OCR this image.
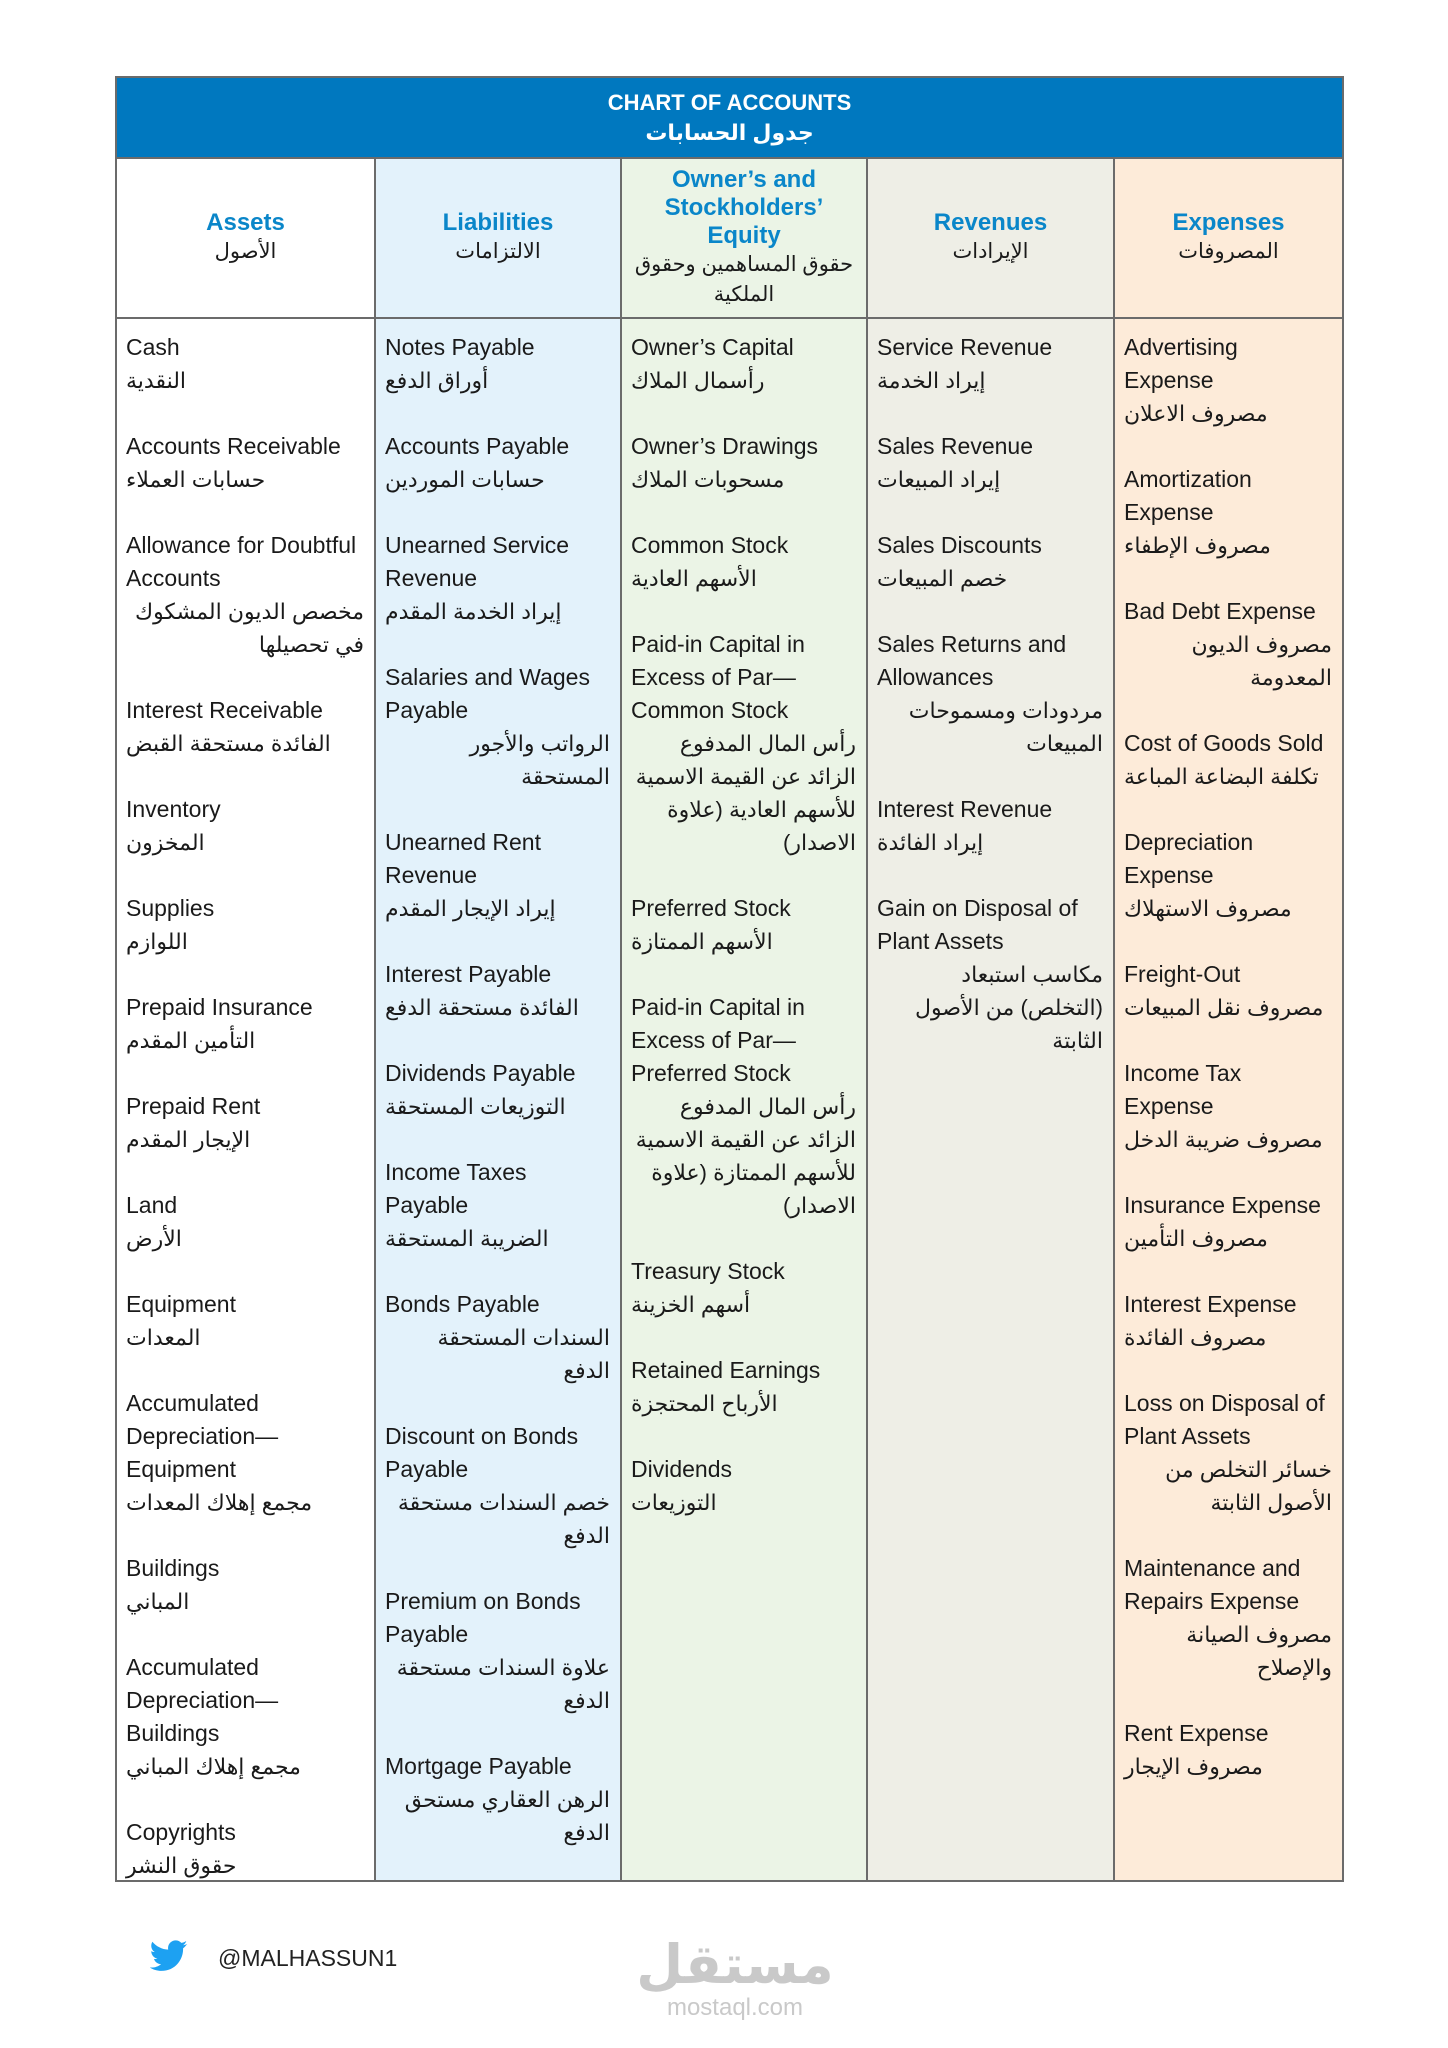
CHART OF ACCOUNTS
جدول الحسابات
Assets
الأصول
Liabilities
الالتزامات
Owner’s and Stockholders’ Equity
حقوق المساهمين وحقوق الملكية
Revenues
الإيرادات
Expenses
المصروفات
Cash
النقدية
Accounts Receivable
حسابات العملاء
Allowance for Doubtful Accounts
مخصص الديون المشكوك في تحصيلها
Interest Receivable
الفائدة مستحقة القبض
Inventory
المخزون
Supplies
اللوازم
Prepaid Insurance
التأمين المقدم
Prepaid Rent
الإيجار المقدم
Land
الأرض
Equipment
المعدات
Accumulated Depreciation— Equipment
مجمع إهلاك المعدات
Buildings
المباني
Accumulated Depreciation— Buildings
مجمع إهلاك المباني
Copyrights
حقوق النشر
Notes Payable
أوراق الدفع
Accounts Payable
حسابات الموردين
Unearned Service Revenue
إيراد الخدمة المقدم
Salaries and Wages Payable
الرواتب والأجور المستحقة
Unearned Rent Revenue
إيراد الإيجار المقدم
Interest Payable
الفائدة مستحقة الدفع
Dividends Payable
التوزيعات المستحقة
Income Taxes Payable
الضريبة المستحقة
Bonds Payable
السندات المستحقة الدفع
Discount on Bonds Payable
خصم السندات مستحقة الدفع
Premium on Bonds Payable
علاوة السندات مستحقة الدفع
Mortgage Payable
الرهن العقاري مستحق الدفع
Owner’s Capital
رأسمال الملاك
Owner’s Drawings
مسحوبات الملاك
Common Stock
الأسهم العادية
Paid-in Capital in Excess of Par— Common Stock
رأس المال المدفوع الزائد عن القيمة الاسمية للأسهم العادية (علاوة الاصدار)
Preferred Stock
الأسهم الممتازة
Paid-in Capital in Excess of Par— Preferred Stock
رأس المال المدفوع الزائد عن القيمة الاسمية للأسهم الممتازة (علاوة الاصدار)
Treasury Stock
أسهم الخزينة
Retained Earnings
الأرباح المحتجزة
Dividends
التوزيعات
Service Revenue
إيراد الخدمة
Sales Revenue
إيراد المبيعات
Sales Discounts
خصم المبيعات
Sales Returns and Allowances
مردودات ومسموحات المبيعات
Interest Revenue
إيراد الفائدة
Gain on Disposal of Plant Assets
مكاسب استبعاد (التخلص) من الأصول الثابتة
Advertising Expense
مصروف الاعلان
Amortization Expense
مصروف الإطفاء
Bad Debt Expense
مصروف الديون المعدومة
Cost of Goods Sold
تكلفة البضاعة المباعة
Depreciation Expense
مصروف الاستهلاك
Freight-Out
مصروف نقل المبيعات
Income Tax Expense
مصروف ضريبة الدخل
Insurance Expense
مصروف التأمين
Interest Expense
مصروف الفائدة
Loss on Disposal of Plant Assets
خسائر التخلص من الأصول الثابتة
Maintenance and Repairs Expense
مصروف الصيانة والإصلاح
Rent Expense
مصروف الإيجار
@MALHASSUN1	مستقل
mostaql.com
